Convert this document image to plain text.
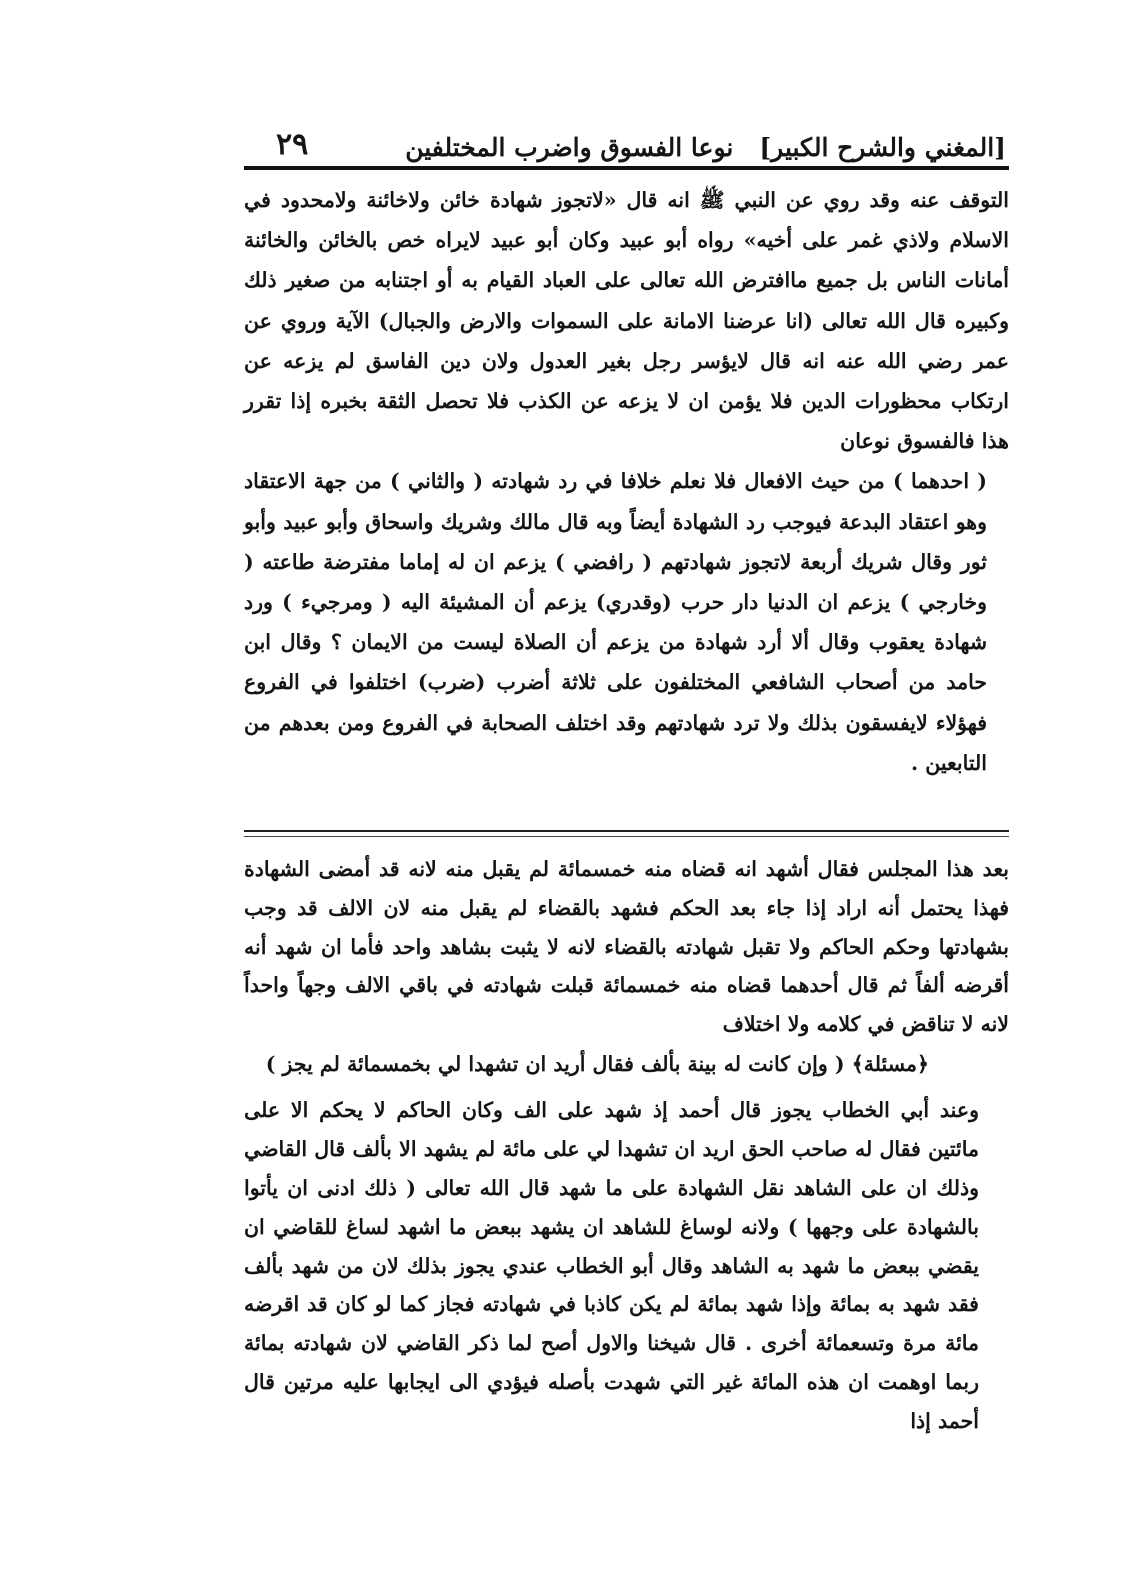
[المغني والشرح الكبير]
نوعا الفسوق واضرب المختلفين
٢٩

التوقف عنه وقد روي عن النبي ﷺ انه قال «لاتجوز شهادة خائن ولاخائنة ولامحدود في الاسلام ولاذي غمر على أخيه» رواه أبو عبيد وكان أبو عبيد لايراه خص بالخائن والخائنة أمانات الناس بل جميع ماافترض الله تعالى على العباد القيام به أو اجتنابه من صغير ذلك وكبيره قال الله تعالى (انا عرضنا الامانة على السموات والارض والجبال) الآية وروي عن عمر رضي الله عنه انه قال لايؤسر رجل بغير العدول ولان دين الفاسق لم يزعه عن ارتكاب محظورات الدين فلا يؤمن ان لا يزعه عن الكذب فلا تحصل الثقة بخبره إذا تقرر هذا فالفسوق نوعان

( احدهما ) من حيث الافعال فلا نعلم خلافا في رد شهادته ( والثاني ) من جهة الاعتقاد وهو اعتقاد البدعة فيوجب رد الشهادة أيضاً وبه قال مالك وشريك واسحاق وأبو عبيد وأبو ثور وقال شريك أربعة لاتجوز شهادتهم ( رافضي ) يزعم ان له إماما مفترضة طاعته ( وخارجي ) يزعم ان الدنيا دار حرب (وقدري) يزعم أن المشيئة اليه ( ومرجيء ) ورد شهادة يعقوب وقال ألا أرد شهادة من يزعم أن الصلاة ليست من الايمان ؟ وقال ابن حامد من أصحاب الشافعي المختلفون على ثلاثة أضرب (ضرب) اختلفوا في الفروع فهؤلاء لايفسقون بذلك ولا ترد شهادتهم وقد اختلف الصحابة في الفروع ومن بعدهم من التابعين .

بعد هذا المجلس فقال أشهد انه قضاه منه خمسمائة لم يقبل منه لانه قد أمضى الشهادة فهذا يحتمل أنه اراد إذا جاء بعد الحكم فشهد بالقضاء لم يقبل منه لان الالف قد وجب بشهادتها وحكم الحاكم ولا تقبل شهادته بالقضاء لانه لا يثبت بشاهد واحد فأما ان شهد أنه أقرضه ألفاً ثم قال أحدهما قضاه منه خمسمائة قبلت شهادته في باقي الالف وجهاً واحداً لانه لا تناقض في كلامه ولا اختلاف

﴿مسئلة﴾ ( وإن كانت له بينة بألف فقال أريد ان تشهدا لي بخمسمائة لم يجز )

وعند أبي الخطاب يجوز قال أحمد إذ شهد على الف وكان الحاكم لا يحكم الا على مائتين فقال له صاحب الحق اريد ان تشهدا لي على مائة لم يشهد الا بألف قال القاضي وذلك ان على الشاهد نقل الشهادة على ما شهد قال الله تعالى ( ذلك ادنى ان يأتوا بالشهادة على وجهها ) ولانه لوساغ للشاهد ان يشهد ببعض ما اشهد لساغ للقاضي ان يقضي ببعض ما شهد به الشاهد وقال أبو الخطاب عندي يجوز بذلك لان من شهد بألف فقد شهد به بمائة وإذا شهد بمائة لم يكن كاذبا في شهادته فجاز كما لو كان قد اقرضه مائة مرة وتسعمائة أخرى . قال شيخنا والاول أصح لما ذكر القاضي لان شهادته بمائة ربما اوهمت ان هذه المائة غير التي شهدت بأصله فيؤدي الى ايجابها عليه مرتين قال أحمد إذا
